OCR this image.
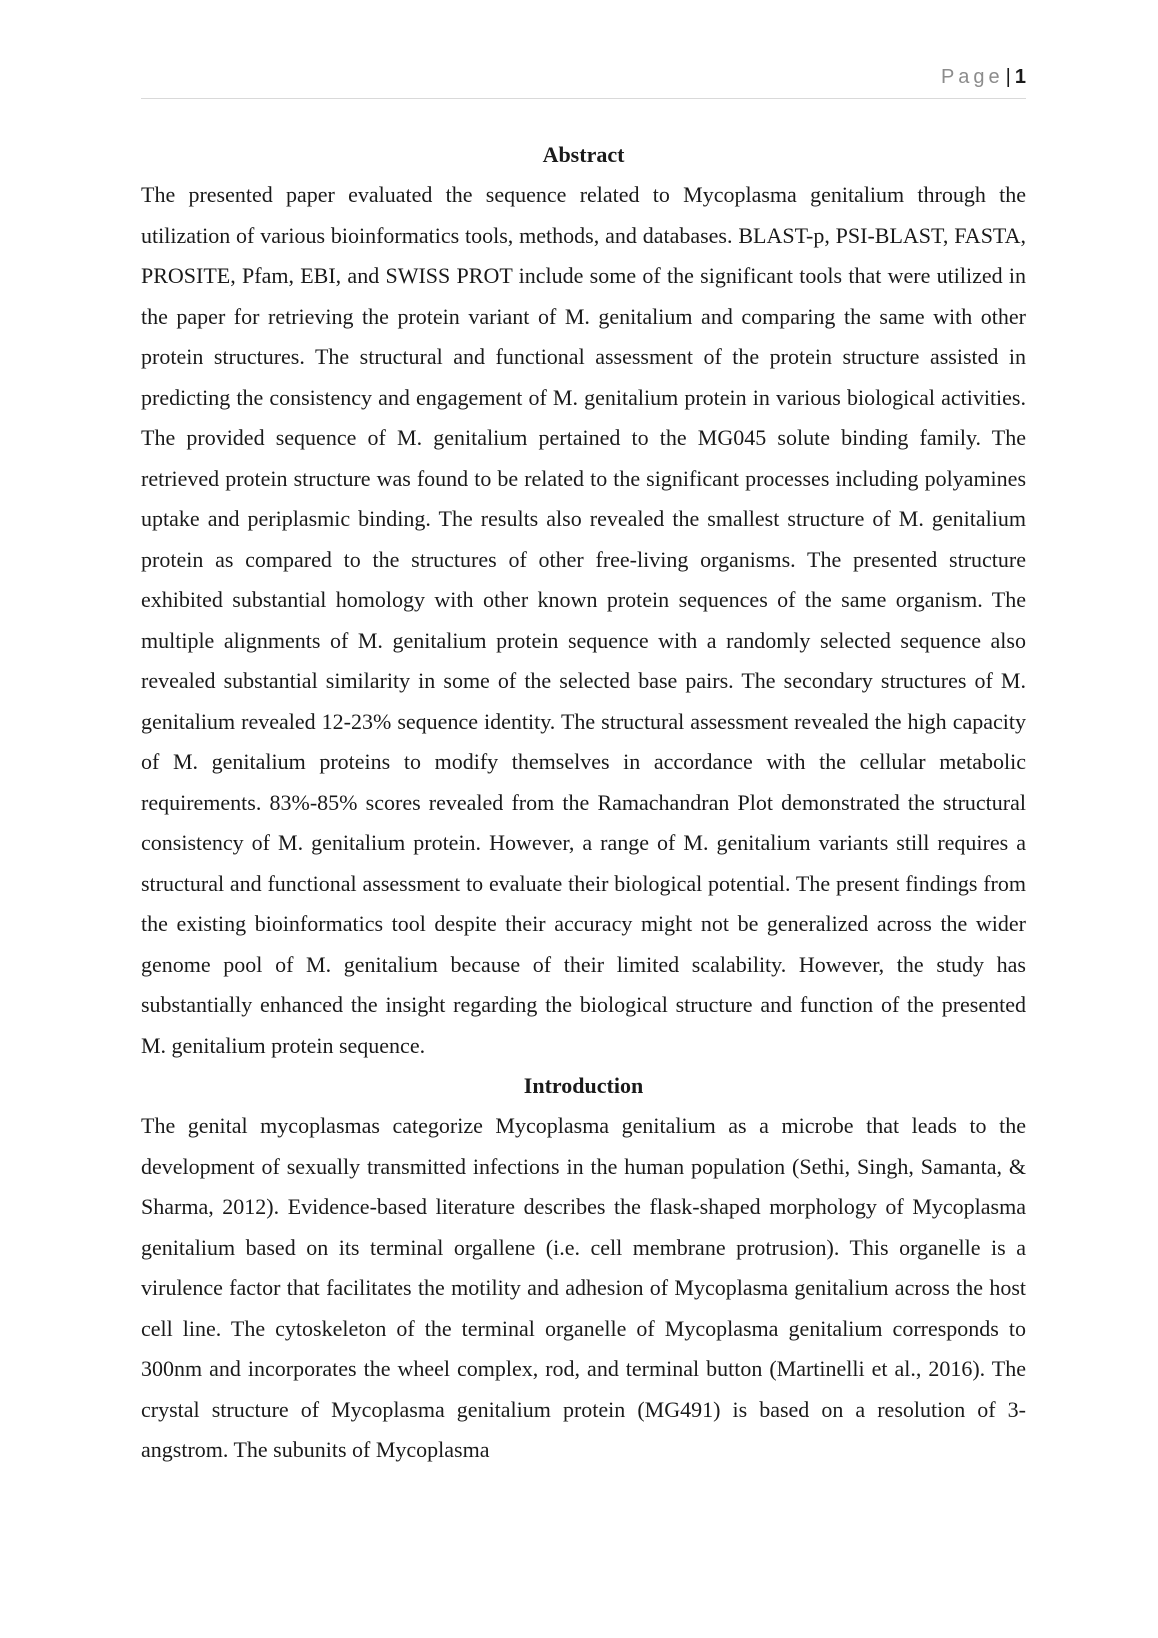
Page | 1
Abstract

The presented paper evaluated the sequence related to Mycoplasma genitalium through the utilization of various bioinformatics tools, methods, and databases. BLAST-p, PSI-BLAST, FASTA, PROSITE, Pfam, EBI, and SWISS PROT include some of the significant tools that were utilized in the paper for retrieving the protein variant of M. genitalium and comparing the same with other protein structures. The structural and functional assessment of the protein structure assisted in predicting the consistency and engagement of M. genitalium protein in various biological activities. The provided sequence of M. genitalium pertained to the MG045 solute binding family. The retrieved protein structure was found to be related to the significant processes including polyamines uptake and periplasmic binding. The results also revealed the smallest structure of M. genitalium protein as compared to the structures of other free-living organisms. The presented structure exhibited substantial homology with other known protein sequences of the same organism. The multiple alignments of M. genitalium protein sequence with a randomly selected sequence also revealed substantial similarity in some of the selected base pairs. The secondary structures of M. genitalium revealed 12-23% sequence identity. The structural assessment revealed the high capacity of M. genitalium proteins to modify themselves in accordance with the cellular metabolic requirements. 83%-85% scores revealed from the Ramachandran Plot demonstrated the structural consistency of M. genitalium protein. However, a range of M. genitalium variants still requires a structural and functional assessment to evaluate their biological potential. The present findings from the existing bioinformatics tool despite their accuracy might not be generalized across the wider genome pool of M. genitalium because of their limited scalability. However, the study has substantially enhanced the insight regarding the biological structure and function of the presented M. genitalium protein sequence.

Introduction

The genital mycoplasmas categorize Mycoplasma genitalium as a microbe that leads to the development of sexually transmitted infections in the human population (Sethi, Singh, Samanta, & Sharma, 2012). Evidence-based literature describes the flask-shaped morphology of Mycoplasma genitalium based on its terminal orgallene (i.e. cell membrane protrusion). This organelle is a virulence factor that facilitates the motility and adhesion of Mycoplasma genitalium across the host cell line. The cytoskeleton of the terminal organelle of Mycoplasma genitalium corresponds to 300nm and incorporates the wheel complex, rod, and terminal button (Martinelli et al., 2016). The crystal structure of Mycoplasma genitalium protein (MG491) is based on a resolution of 3-angstrom. The subunits of Mycoplasma
